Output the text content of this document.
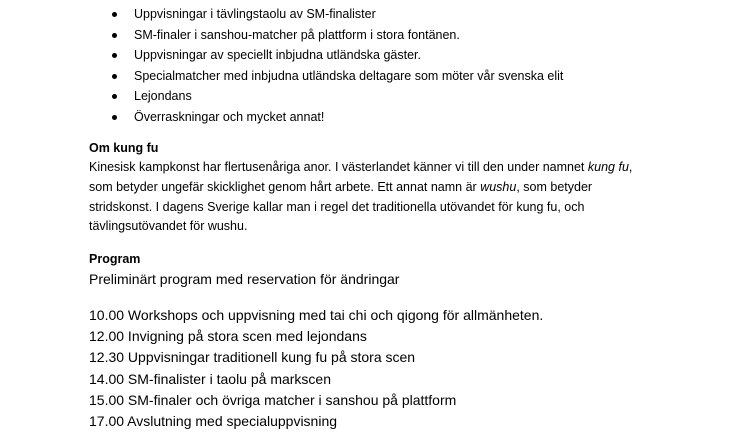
Uppvisningar i tävlingstaolu av SM-finalister
SM-finaler i sanshou-matcher på plattform i stora fontänen.
Uppvisningar av speciellt inbjudna utländska gäster.
Specialmatcher med inbjudna utländska deltagare som möter vår svenska elit
Lejondans
Överraskningar och mycket annat!
Om kung fu

Kinesisk kampkonst har flertusenåriga anor. I västerlandet känner vi till den under namnet kung fu,

som betyder ungefär skicklighet genom hårt arbete. Ett annat namn är wushu, som betyder

stridskonst. I dagens Sverige kallar man i regel det traditionella utövandet för kung fu, och

tävlingsutövandet för wushu.

Program
Preliminärt program med reservation för ändringar
10.00 Workshops och uppvisning med tai chi och qigong för allmänheten.
12.00 Invigning på stora scen med lejondans
12.30 Uppvisningar traditionell kung fu på stora scen
14.00 SM-finalister i taolu på markscen
15.00 SM-finaler och övriga matcher i sanshou på plattform
17.00 Avslutning med specialuppvisning
